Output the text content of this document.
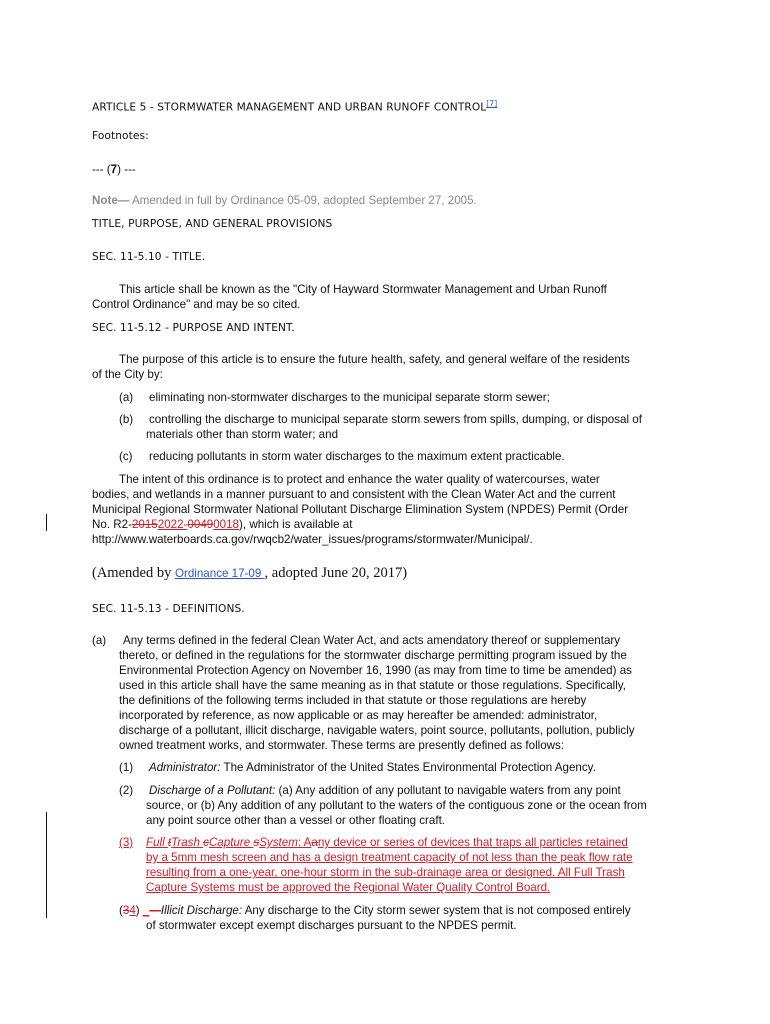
ARTICLE 5 - STORMWATER MANAGEMENT AND URBAN RUNOFF CONTROL[7]
Footnotes:
--- (7) ---
Note— Amended in full by Ordinance 05-09, adopted September 27, 2005.
TITLE, PURPOSE, AND GENERAL PROVISIONS
SEC. 11-5.10 - TITLE.
This article shall be known as the "City of Hayward Stormwater Management and Urban Runoff
Control Ordinance" and may be so cited.
SEC. 11-5.12 - PURPOSE AND INTENT.
The purpose of this article is to ensure the future health, safety, and general welfare of the residents
of the City by:
(a) eliminating non-stormwater discharges to the municipal separate storm sewer;
(b) controlling the discharge to municipal separate storm sewers from spills, dumping, or disposal of
materials other than storm water; and
(c) reducing pollutants in storm water discharges to the maximum extent practicable.
The intent of this ordinance is to protect and enhance the water quality of watercourses, water
bodies, and wetlands in a manner pursuant to and consistent with the Clean Water Act and the current
Municipal Regional Stormwater National Pollutant Discharge Elimination System (NPDES) Permit (Order
No. R2-20152022-00490018), which is available at
http://www.waterboards.ca.gov/rwqcb2/water_issues/programs/stormwater/Municipal/.
(Amended by Ordinance 17-09 , adopted June 20, 2017)
SEC. 11-5.13 - DEFINITIONS.
(a) Any terms defined in the federal Clean Water Act, and acts amendatory thereof or supplementary
thereto, or defined in the regulations for the stormwater discharge permitting program issued by the
Environmental Protection Agency on November 16, 1990 (as may from time to time be amended) as
used in this article shall have the same meaning as in that statute or those regulations. Specifically,
the definitions of the following terms included in that statute or those regulations are hereby
incorporated by reference, as now applicable or as may hereafter be amended: administrator,
discharge of a pollutant, illicit discharge, navigable waters, point source, pollutants, pollution, publicly
owned treatment works, and stormwater. These terms are presently defined as follows:
(1) Administrator: The Administrator of the United States Environmental Protection Agency.
(2) Discharge of a Pollutant: (a) Any addition of any pollutant to navigable waters from any point
source, or (b) Any addition of any pollutant to the waters of the contiguous zone or the ocean from
any point source other than a vessel or other floating craft.
(3) Full tTrash cCapture sSystem: Aany device or series of devices that traps all particles retained
by a 5mm mesh screen and has a design treatment capacity of not less than the peak flow rate
resulting from a one-year, one-hour storm in the sub-drainage area or designed. All Full Trash
Capture Systems must be approved the Regional Water Quality Control Board.
(34) _—Illicit Discharge: Any discharge to the City storm sewer system that is not composed entirely
of stormwater except exempt discharges pursuant to the NPDES permit.
